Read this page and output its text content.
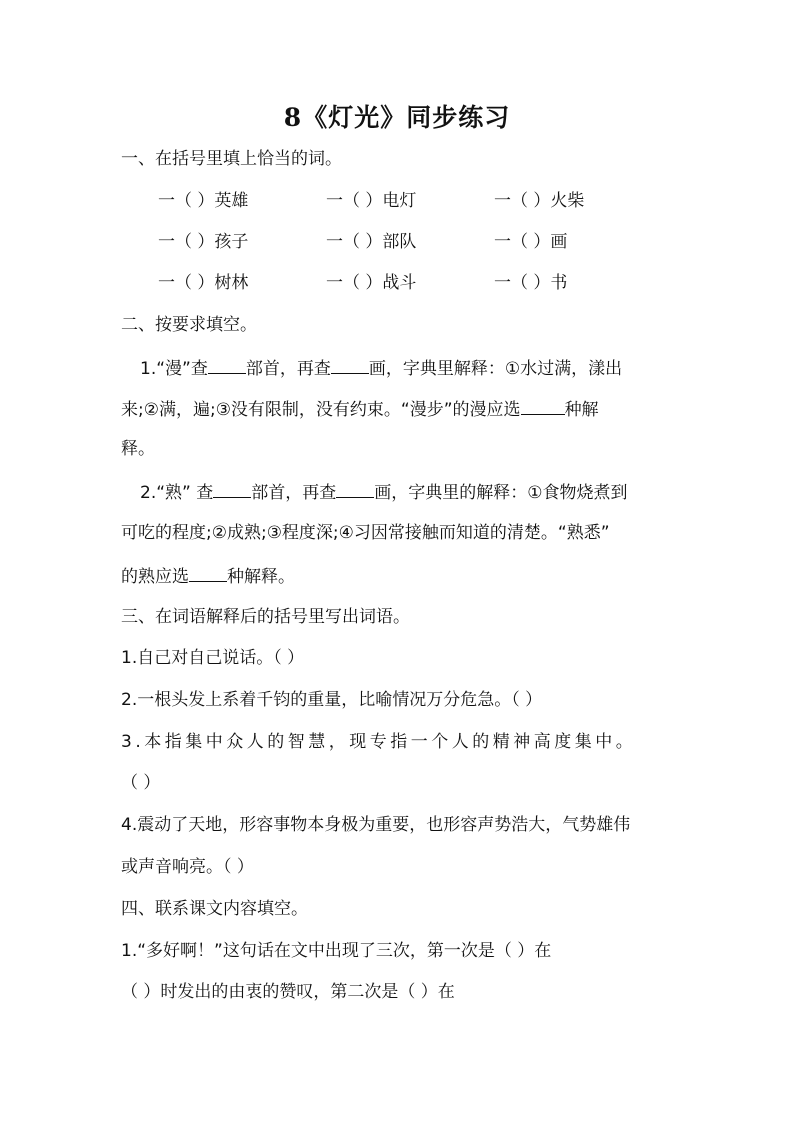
8《灯光》同步练习
一、在括号里填上恰当的词。
一（ ）英雄	一（ ）电灯	一（ ）火柴
一（ ）孩子	一（ ）部队	一（ ）画
一（ ）树林	一（ ）战斗	一（ ）书
二、按要求填空。
1.“漫”查 部首，再查 画，字典里解释：①水过满，漾出
来;②满，遍;③没有限制，没有约束。“漫步”的漫应选	种解
释。
2.“熟” 查 部首，再查 画，字典里的解释：①食物烧煮到
可吃的程度;②成熟;③程度深;④习因常接触而知道的清楚。“熟悉”
的熟应选 种解释。
三、在词语解释后的括号里写出词语。
1.自己对自己说话。（ ）
2.一根头发上系着千钧的重量，比喻情况万分危急。（ ）
3.本指集中众人的智慧，现专指一个人的精神高度集中。
（ ）
4.震动了天地，形容事物本身极为重要，也形容声势浩大，气势雄伟
或声音响亮。（ ）
四、联系课文内容填空。
1.“多好啊！”这句话在文中出现了三次，第一次是（ ）在
（ ）时发出的由衷的赞叹，第二次是（ ）在
